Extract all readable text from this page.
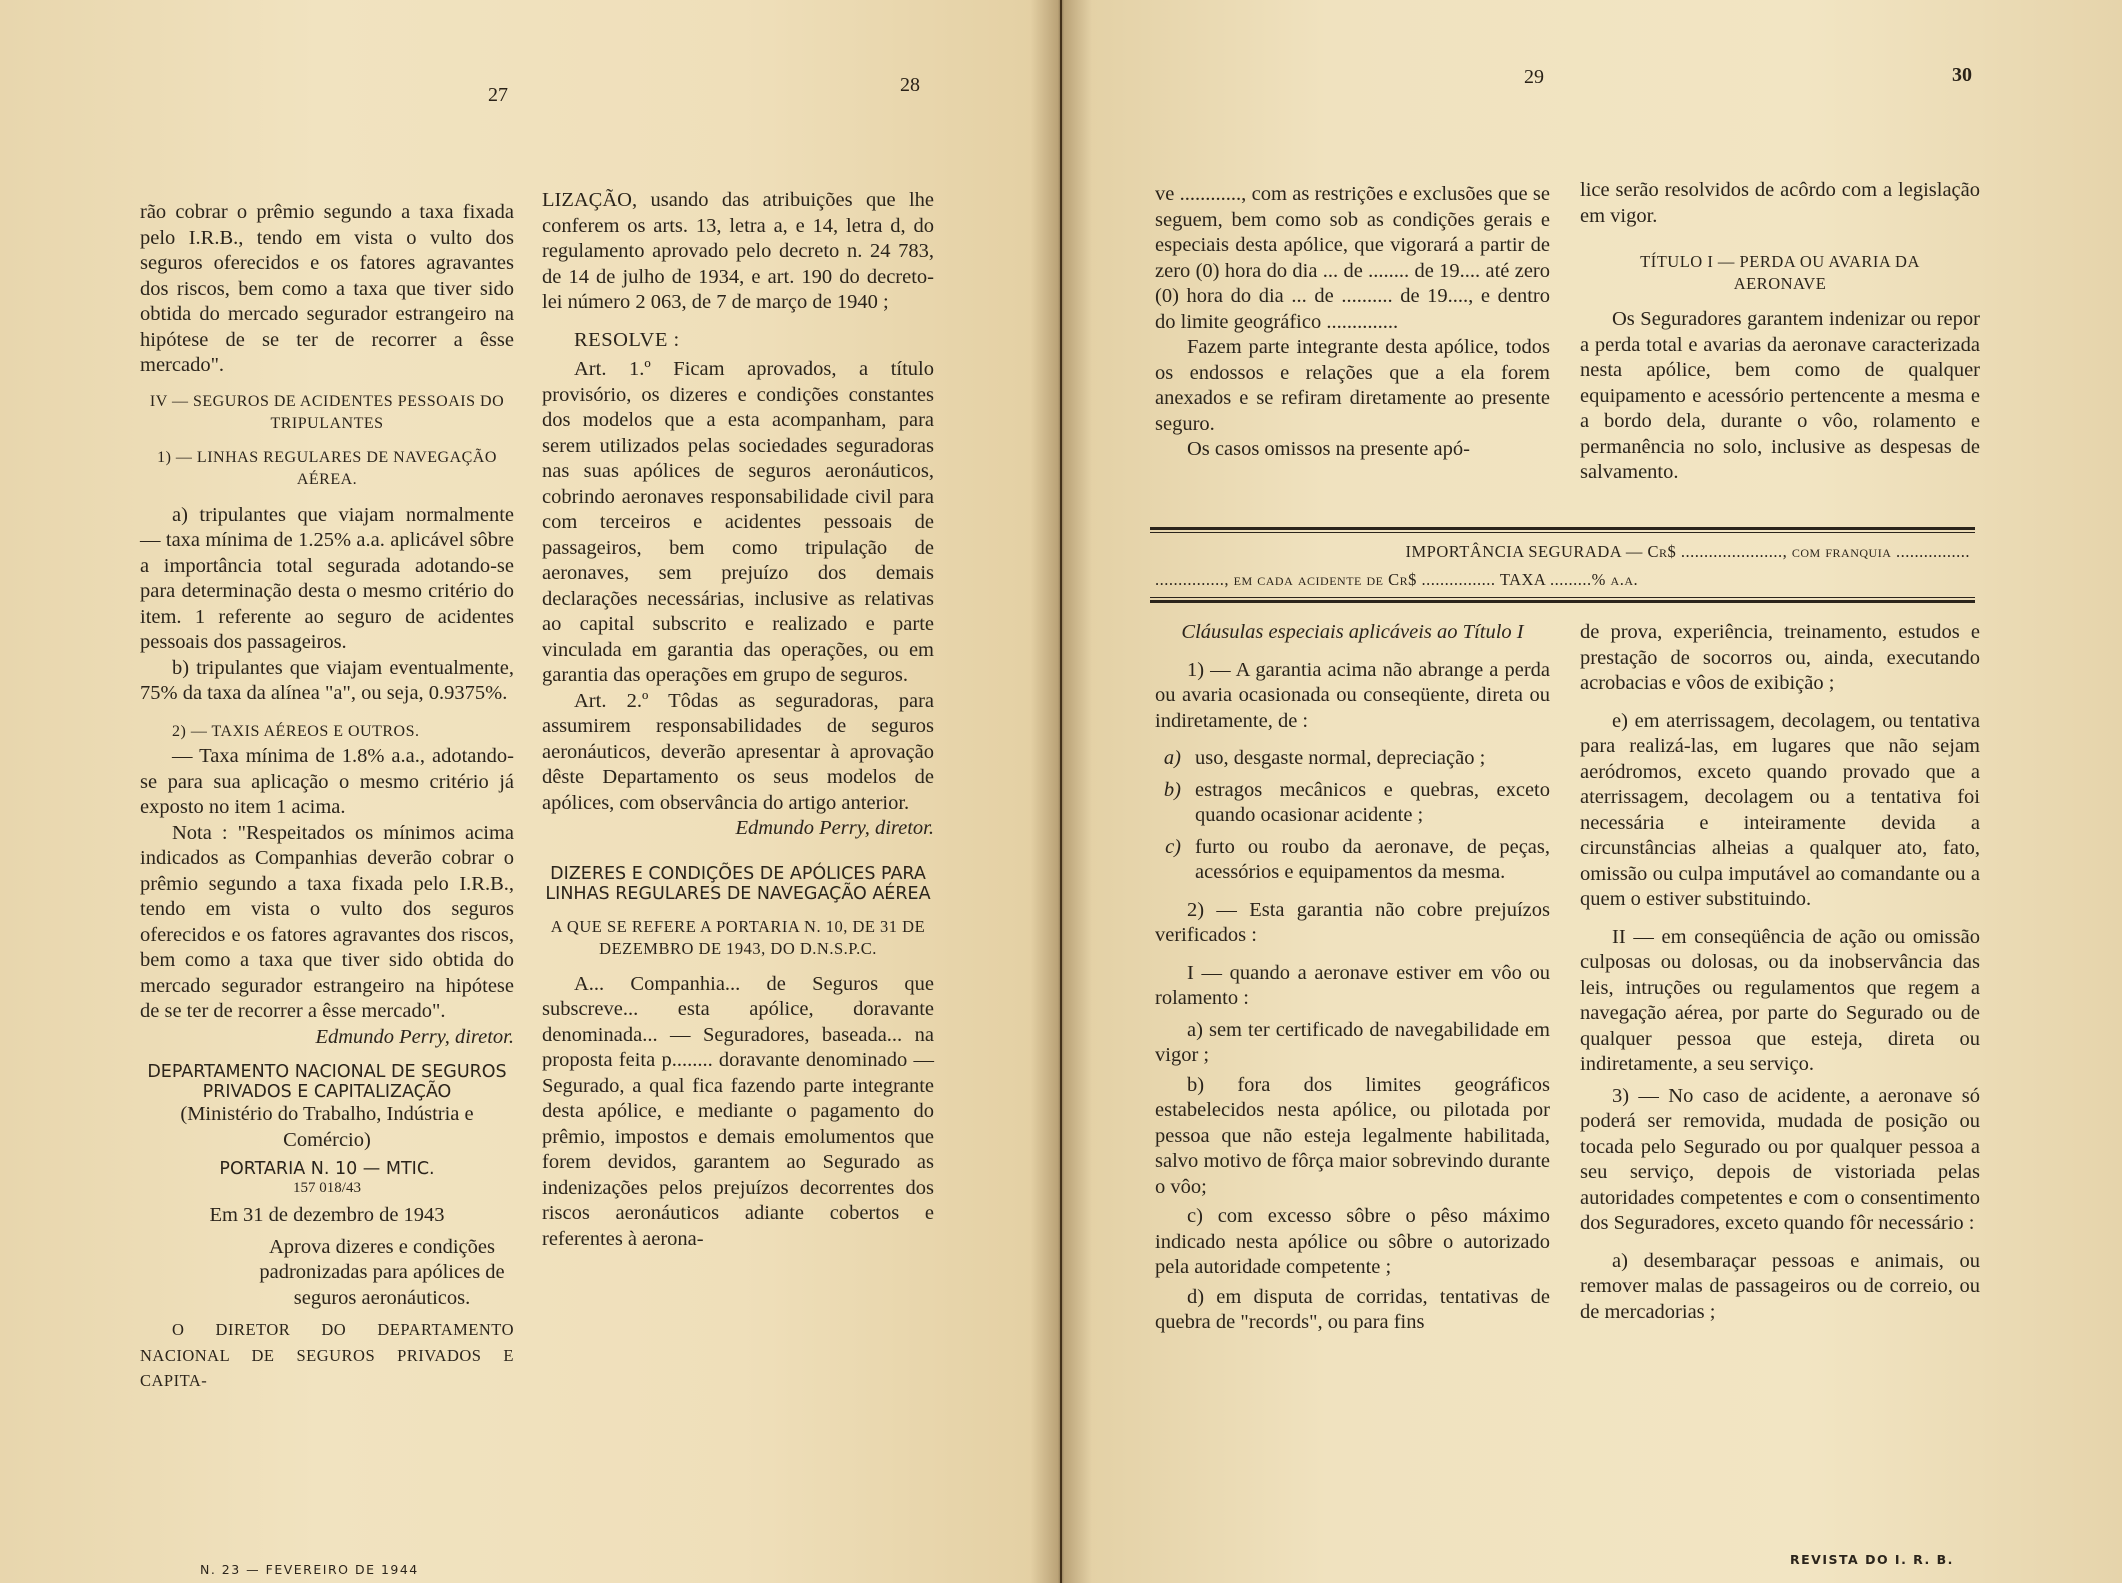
27	28	29	30

rão cobrar o prêmio segundo a taxa fixada pelo I.R.B., tendo em vista o vulto dos seguros oferecidos e os fatores agravantes dos riscos, bem como a taxa que tiver sido obtida do mercado segurador estrangeiro na hipótese de se ter de recorrer a êsse mercado".

IV — SEGUROS DE ACIDENTES PESSOAIS DO TRIPULANTES

1) — LINHAS REGULARES DE NAVEGAÇÃO AÉREA.

a) tripulantes que viajam normalmente — taxa mínima de 1.25% a.a. aplicável sôbre a importância total segurada adotando-se para determinação desta o mesmo critério do item. 1 referente ao seguro de acidentes pessoais dos passageiros.

b) tripulantes que viajam eventualmente, 75% da taxa da alínea "a", ou seja, 0.9375%.

2) — TAXIS AÉREOS E OUTROS.

— Taxa mínima de 1.8% a.a., adotando-se para sua aplicação o mesmo critério já exposto no item 1 acima.

Nota : "Respeitados os mínimos acima indicados as Companhias deverão cobrar o prêmio segundo a taxa fixada pelo I.R.B., tendo em vista o vulto dos seguros oferecidos e os fatores agravantes dos riscos, bem como a taxa que tiver sido obtida do mercado segurador estrangeiro na hipótese de se ter de recorrer a êsse mercado".

Edmundo Perry, diretor.

DEPARTAMENTO NACIONAL DE SEGUROS PRIVADOS E CAPITALIZAÇÃO

(Ministério do Trabalho, Indústria e Comércio)

PORTARIA N. 10 — MTIC.

157 018/43

Em 31 de dezembro de 1943

Aprova dizeres e condições padronizadas para apólices de seguros aeronáuticos.

O DIRETOR DO DEPARTAMENTO NACIONAL DE SEGUROS PRIVADOS E CAPITA-

LIZAÇÃO, usando das atribuições que lhe conferem os arts. 13, letra a, e 14, letra d, do regulamento aprovado pelo decreto n. 24 783, de 14 de julho de 1934, e art. 190 do decreto-lei número 2 063, de 7 de março de 1940 ;

RESOLVE :

Art. 1.º Ficam aprovados, a título provisório, os dizeres e condições constantes dos modelos que a esta acompanham, para serem utilizados pelas sociedades seguradoras nas suas apólices de seguros aeronáuticos, cobrindo aeronaves responsabilidade civil para com terceiros e acidentes pessoais de passageiros, bem como tripulação de aeronaves, sem prejuízo dos demais declarações necessárias, inclusive as relativas ao capital subscrito e realizado e parte vinculada em garantia das operações, ou em garantia das operações em grupo de seguros.

Art. 2.º Tôdas as seguradoras, para assumirem responsabilidades de seguros aeronáuticos, deverão apresentar à aprovação dêste Departamento os seus modelos de apólices, com observância do artigo anterior.

Edmundo Perry, diretor.

DIZERES E CONDIÇÕES DE APÓLICES PARA LINHAS REGULARES DE NAVEGAÇÃO AÉREA

A QUE SE REFERE A PORTARIA N. 10, DE 31 DE DEZEMBRO DE 1943, DO D.N.S.P.C.

A... Companhia... de Seguros que subscreve... esta apólice, doravante denominada... — Seguradores, baseada... na proposta feita p........ doravante denominado — Segurado, a qual fica fazendo parte integrante desta apólice, e mediante o pagamento do prêmio, impostos e demais emolumentos que forem devidos, garantem ao Segurado as indenizações pelos prejuízos decorrentes dos riscos aeronáuticos adiante cobertos e referentes à aerona-

ve ............, com as restrições e exclusões que se seguem, bem como sob as condições gerais e especiais desta apólice, que vigorará a partir de zero (0) hora do dia ... de ........ de 19.... até zero (0) hora do dia ... de .......... de 19...., e dentro do limite geográfico ..............

Fazem parte integrante desta apólice, todos os endossos e relações que a ela forem anexados e se refiram diretamente ao presente seguro.

Os casos omissos na presente apó-

lice serão resolvidos de acôrdo com a legislação em vigor.

TÍTULO I — PERDA OU AVARIA DA AERONAVE

Os Seguradores garantem indenizar ou repor a perda total e avarias da aeronave caracterizada nesta apólice, bem como de qualquer equipamento e acessório pertencente a mesma e a bordo dela, durante o vôo, rolamento e permanência no solo, inclusive as despesas de salvamento.

IMPORTÂNCIA SEGURADA — Cr$ ......................, com franquia ................
..............., em cada acidente de Cr$ ................ TAXA .........% a.a.

Cláusulas especiais aplicáveis ao Título I

1) — A garantia acima não abrange a perda ou avaria ocasionada ou conseqüente, direta ou indiretamente, de :

a) uso, desgaste normal, depreciação ;
b) estragos mecânicos e quebras, exceto quando ocasionar acidente ;
c) furto ou roubo da aeronave, de peças, acessórios e equipamentos da mesma.

2) — Esta garantia não cobre prejuízos verificados :

I — quando a aeronave estiver em vôo ou rolamento :

a) sem ter certificado de navegabilidade em vigor ;

b) fora dos limites geográficos estabelecidos nesta apólice, ou pilotada por pessoa que não esteja legalmente habilitada, salvo motivo de fôrça maior sobrevindo durante o vôo;

c) com excesso sôbre o pêso máximo indicado nesta apólice ou sôbre o autorizado pela autoridade competente ;

d) em disputa de corridas, tentativas de quebra de "records", ou para fins

de prova, experiência, treinamento, estudos e prestação de socorros ou, ainda, executando acrobacias e vôos de exibição ;

e) em aterrissagem, decolagem, ou tentativa para realizá-las, em lugares que não sejam aeródromos, exceto quando provado que a aterrissagem, decolagem ou a tentativa foi necessária e inteiramente devida a circunstâncias alheias a qualquer ato, fato, omissão ou culpa imputável ao comandante ou a quem o estiver substituindo.

II — em conseqüência de ação ou omissão culposas ou dolosas, ou da inobservância das leis, intruções ou regulamentos que regem a navegação aérea, por parte do Segurado ou de qualquer pessoa que esteja, direta ou indiretamente, a seu serviço.

3) — No caso de acidente, a aeronave só poderá ser removida, mudada de posição ou tocada pelo Segurado ou por qualquer pessoa a seu serviço, depois de vistoriada pelas autoridades competentes e com o consentimento dos Seguradores, exceto quando fôr necessário :

a) desembaraçar pessoas e animais, ou remover malas de passageiros ou de correio, ou de mercadorias ;

N. 23 — FEVEREIRO DE 1944
REVISTA DO I. R. B.
